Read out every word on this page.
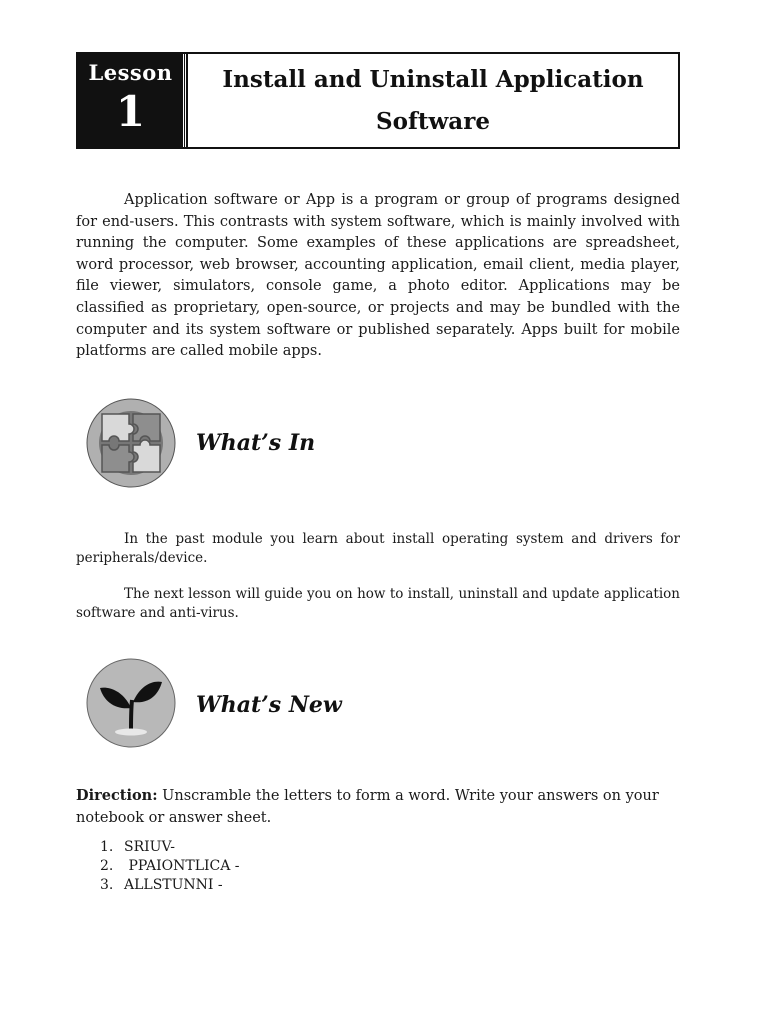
Lesson
1
Install and Uninstall Application
Software

Application software or App is a program or group of programs designed for end-users. This contrasts with system software, which is mainly involved with running the computer. Some examples of these applications are spreadsheet, word processor, web browser, accounting application, email client, media player, file viewer, simulators, console game, a photo editor. Applications may be classified as proprietary, open-source, or projects and may be bundled with the computer and its system software or published separately. Apps built for mobile platforms are called mobile apps.

What’s In

In the past module you learn about install operating system and drivers for peripherals/device.

The next lesson will guide you on how to install, uninstall and update application software and anti-virus.

What’s New
Direction: Unscramble the letters to form a word. Write your answers on your notebook or answer sheet.
1. SRIUV-
2. PPAIONTLICA -
3. ALLSTUNNI -
